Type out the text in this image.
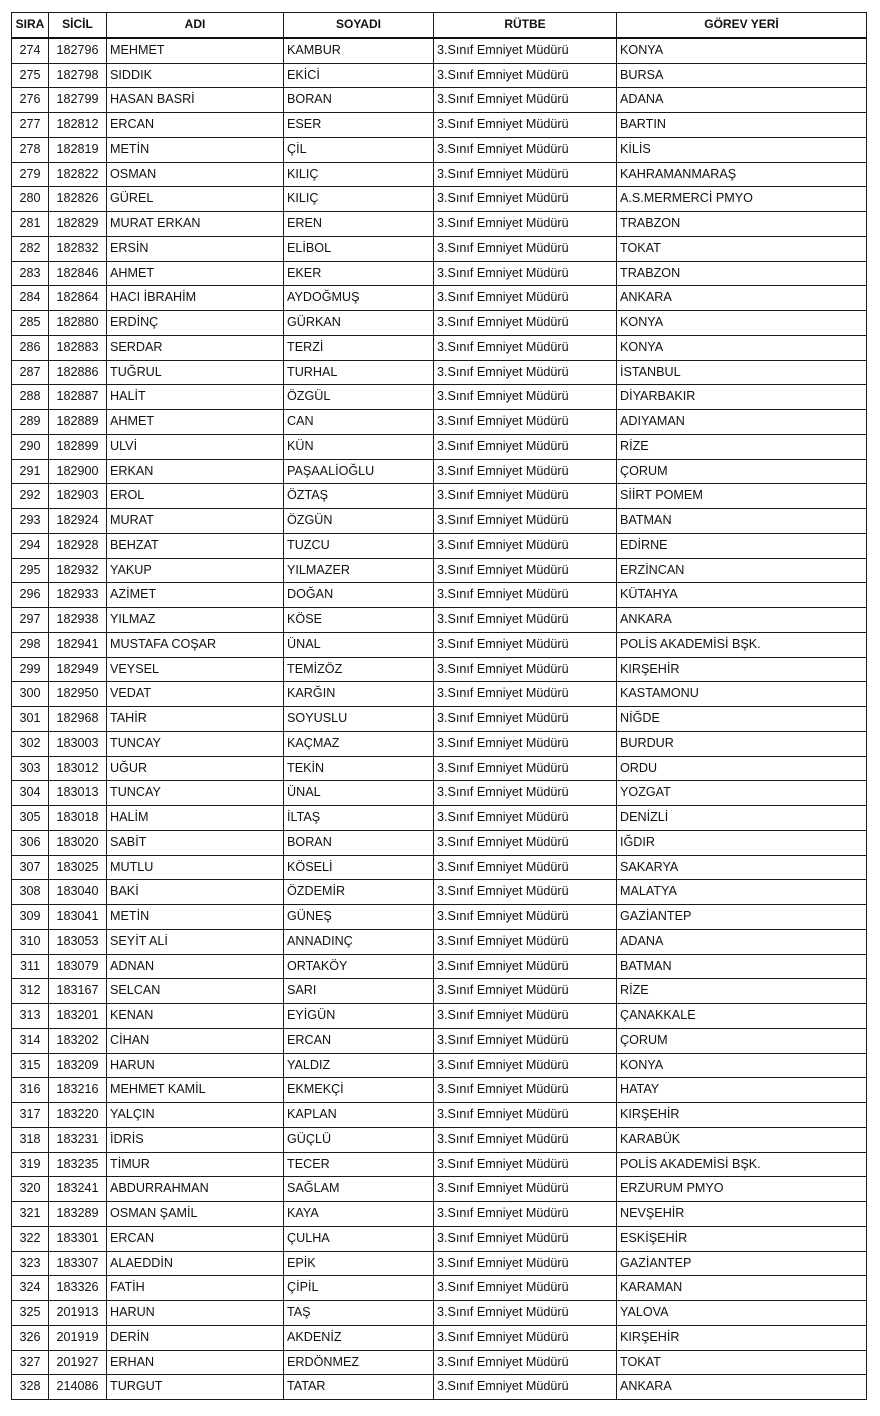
SIRA	SİCİL	ADI	SOYADI	RÜTBE	GÖREV YERİ
274	182796	MEHMET	KAMBUR	3.Sınıf Emniyet Müdürü	KONYA
275	182798	SIDDIK	EKİCİ	3.Sınıf Emniyet Müdürü	BURSA
276	182799	HASAN BASRİ	BORAN	3.Sınıf Emniyet Müdürü	ADANA
277	182812	ERCAN	ESER	3.Sınıf Emniyet Müdürü	BARTIN
278	182819	METİN	ÇİL	3.Sınıf Emniyet Müdürü	KİLİS
279	182822	OSMAN	KILIÇ	3.Sınıf Emniyet Müdürü	KAHRAMANMARAŞ
280	182826	GÜREL	KILIÇ	3.Sınıf Emniyet Müdürü	A.S.MERMERCİ PMYO
281	182829	MURAT ERKAN	EREN	3.Sınıf Emniyet Müdürü	TRABZON
282	182832	ERSİN	ELİBOL	3.Sınıf Emniyet Müdürü	TOKAT
283	182846	AHMET	EKER	3.Sınıf Emniyet Müdürü	TRABZON
284	182864	HACI İBRAHİM	AYDOĞMUŞ	3.Sınıf Emniyet Müdürü	ANKARA
285	182880	ERDİNÇ	GÜRKAN	3.Sınıf Emniyet Müdürü	KONYA
286	182883	SERDAR	TERZİ	3.Sınıf Emniyet Müdürü	KONYA
287	182886	TUĞRUL	TURHAL	3.Sınıf Emniyet Müdürü	İSTANBUL
288	182887	HALİT	ÖZGÜL	3.Sınıf Emniyet Müdürü	DİYARBAKIR
289	182889	AHMET	CAN	3.Sınıf Emniyet Müdürü	ADIYAMAN
290	182899	ULVİ	KÜN	3.Sınıf Emniyet Müdürü	RİZE
291	182900	ERKAN	PAŞAALİOĞLU	3.Sınıf Emniyet Müdürü	ÇORUM
292	182903	EROL	ÖZTAŞ	3.Sınıf Emniyet Müdürü	SİİRT POMEM
293	182924	MURAT	ÖZGÜN	3.Sınıf Emniyet Müdürü	BATMAN
294	182928	BEHZAT	TUZCU	3.Sınıf Emniyet Müdürü	EDİRNE
295	182932	YAKUP	YILMAZER	3.Sınıf Emniyet Müdürü	ERZİNCAN
296	182933	AZİMET	DOĞAN	3.Sınıf Emniyet Müdürü	KÜTAHYA
297	182938	YILMAZ	KÖSE	3.Sınıf Emniyet Müdürü	ANKARA
298	182941	MUSTAFA COŞAR	ÜNAL	3.Sınıf Emniyet Müdürü	POLİS AKADEMİSİ BŞK.
299	182949	VEYSEL	TEMİZÖZ	3.Sınıf Emniyet Müdürü	KIRŞEHİR
300	182950	VEDAT	KARĞIN	3.Sınıf Emniyet Müdürü	KASTAMONU
301	182968	TAHİR	SOYUSLU	3.Sınıf Emniyet Müdürü	NİĞDE
302	183003	TUNCAY	KAÇMAZ	3.Sınıf Emniyet Müdürü	BURDUR
303	183012	UĞUR	TEKİN	3.Sınıf Emniyet Müdürü	ORDU
304	183013	TUNCAY	ÜNAL	3.Sınıf Emniyet Müdürü	YOZGAT
305	183018	HALİM	İLTAŞ	3.Sınıf Emniyet Müdürü	DENİZLİ
306	183020	SABİT	BORAN	3.Sınıf Emniyet Müdürü	IĞDIR
307	183025	MUTLU	KÖSELİ	3.Sınıf Emniyet Müdürü	SAKARYA
308	183040	BAKİ	ÖZDEMİR	3.Sınıf Emniyet Müdürü	MALATYA
309	183041	METİN	GÜNEŞ	3.Sınıf Emniyet Müdürü	GAZİANTEP
310	183053	SEYİT ALİ	ANNADINÇ	3.Sınıf Emniyet Müdürü	ADANA
311	183079	ADNAN	ORTAKÖY	3.Sınıf Emniyet Müdürü	BATMAN
312	183167	SELCAN	SARI	3.Sınıf Emniyet Müdürü	RİZE
313	183201	KENAN	EYİGÜN	3.Sınıf Emniyet Müdürü	ÇANAKKALE
314	183202	CİHAN	ERCAN	3.Sınıf Emniyet Müdürü	ÇORUM
315	183209	HARUN	YALDIZ	3.Sınıf Emniyet Müdürü	KONYA
316	183216	MEHMET KAMİL	EKMEKÇİ	3.Sınıf Emniyet Müdürü	HATAY
317	183220	YALÇIN	KAPLAN	3.Sınıf Emniyet Müdürü	KIRŞEHİR
318	183231	İDRİS	GÜÇLÜ	3.Sınıf Emniyet Müdürü	KARABÜK
319	183235	TİMUR	TECER	3.Sınıf Emniyet Müdürü	POLİS AKADEMİSİ BŞK.
320	183241	ABDURRAHMAN	SAĞLAM	3.Sınıf Emniyet Müdürü	ERZURUM PMYO
321	183289	OSMAN ŞAMİL	KAYA	3.Sınıf Emniyet Müdürü	NEVŞEHİR
322	183301	ERCAN	ÇULHA	3.Sınıf Emniyet Müdürü	ESKİŞEHİR
323	183307	ALAEDDİN	EPİK	3.Sınıf Emniyet Müdürü	GAZİANTEP
324	183326	FATİH	ÇİPİL	3.Sınıf Emniyet Müdürü	KARAMAN
325	201913	HARUN	TAŞ	3.Sınıf Emniyet Müdürü	YALOVA
326	201919	DERİN	AKDENİZ	3.Sınıf Emniyet Müdürü	KIRŞEHİR
327	201927	ERHAN	ERDÖNMEZ	3.Sınıf Emniyet Müdürü	TOKAT
328	214086	TURGUT	TATAR	3.Sınıf Emniyet Müdürü	ANKARA
